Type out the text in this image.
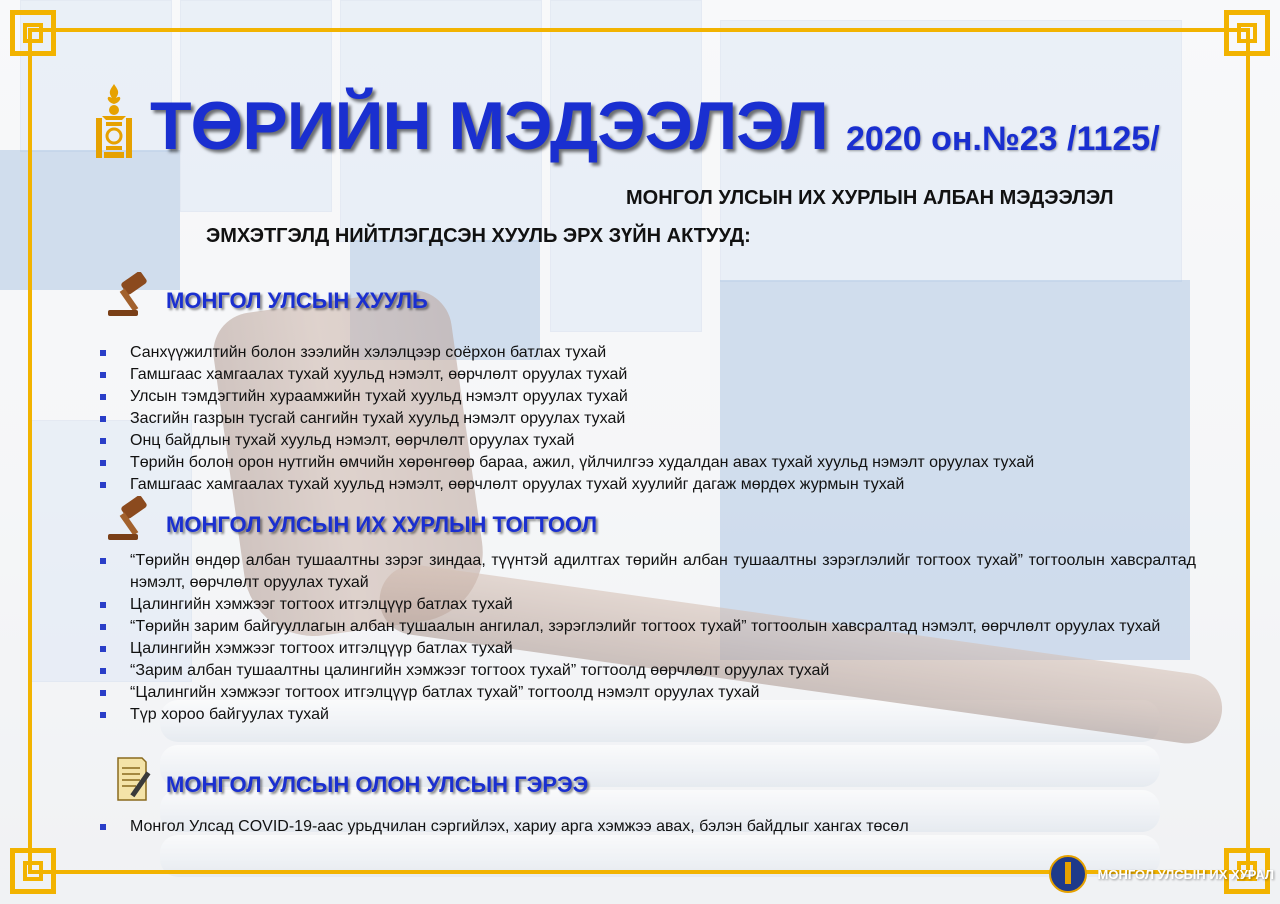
ТӨРИЙН МЭДЭЭЛЭЛ 2020 он.№23 /1125/
МОНГОЛ УЛСЫН ИХ ХУРЛЫН АЛБАН МЭДЭЭЛЭЛ
ЭМХЭТГЭЛД НИЙТЛЭГДСЭН ХУУЛЬ ЭРХ ЗҮЙН АКТУУД:
МОНГОЛ УЛСЫН ХУУЛЬ
Санхүүжилтийн болон зээлийн хэлэлцээр соёрхон батлах тухай
Гамшгаас хамгаалах тухай хуульд нэмэлт, өөрчлөлт оруулах тухай
Улсын тэмдэгтийн хураамжийн тухай хуульд нэмэлт оруулах тухай
Засгийн газрын тусгай сангийн тухай хуульд нэмэлт оруулах тухай
Онц байдлын тухай хуульд нэмэлт, өөрчлөлт оруулах тухай
Төрийн болон орон нутгийн өмчийн хөрөнгөөр бараа, ажил, үйлчилгээ худалдан авах тухай хуульд нэмэлт оруулах тухай
Гамшгаас хамгаалах тухай хуульд нэмэлт, өөрчлөлт оруулах тухай хуулийг дагаж мөрдөх журмын тухай
МОНГОЛ УЛСЫН ИХ ХУРЛЫН ТОГТООЛ
“Төрийн өндөр албан тушаалтны зэрэг зиндаа, түүнтэй адилтгах төрийн албан тушаалтны зэрэглэлийг тогтоох тухай” тогтоолын хавсралтад нэмэлт, өөрчлөлт оруулах тухай
Цалингийн хэмжээг тогтоох итгэлцүүр батлах тухай
“Төрийн зарим байгууллагын албан тушаалын ангилал, зэрэглэлийг тогтоох тухай” тогтоолын хавсралтад нэмэлт, өөрчлөлт оруулах тухай
Цалингийн хэмжээг тогтоох итгэлцүүр батлах тухай
“Зарим албан тушаалтны цалингийн хэмжээг тогтоох тухай” тогтоолд өөрчлөлт оруулах тухай
“Цалингийн хэмжээг тогтоох итгэлцүүр батлах тухай” тогтоолд нэмэлт оруулах тухай
Түр хороо байгуулах тухай
МОНГОЛ УЛСЫН ОЛОН УЛСЫН ГЭРЭЭ
Монгол Улсад COVID-19-аас урьдчилан сэргийлэх, хариу арга хэмжээ авах, бэлэн байдлыг хангах төсөл
МОНГОЛ УЛСЫН ИХ ХУРАЛ
